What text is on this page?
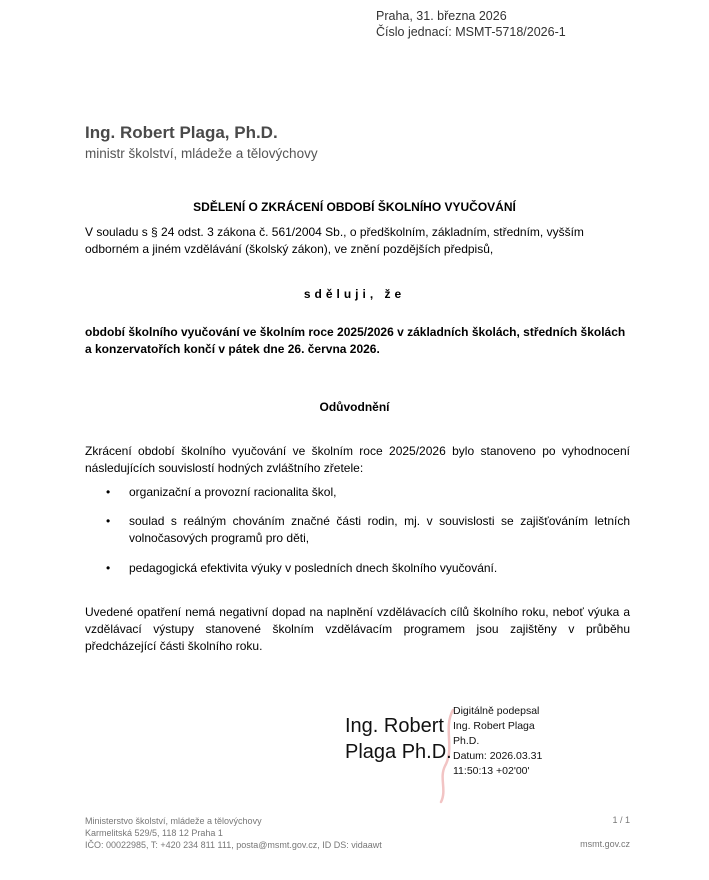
Praha, 31. března 2026
Číslo jednací: MSMT-5718/2026-1
Ing. Robert Plaga, Ph.D.
ministr školství, mládeže a tělovýchovy
SDĚLENÍ O ZKRÁCENÍ OBDOBÍ ŠKOLNÍHO VYUČOVÁNÍ
V souladu s § 24 odst. 3 zákona č. 561/2004 Sb., o předškolním, základním, středním, vyšším odborném a jiném vzdělávání (školský zákon), ve znění pozdějších předpisů,
sděluji, že
období školního vyučování ve školním roce 2025/2026 v základních školách, středních školách a konzervatořích končí v pátek dne 26. června 2026.
Odůvodnění
Zkrácení období školního vyučování ve školním roce 2025/2026 bylo stanoveno po vyhodnocení následujících souvislostí hodných zvláštního zřetele:
• organizační a provozní racionalita škol,
• soulad s reálným chováním značné části rodin, mj. v souvislosti se zajišťováním letních volnočasových programů pro děti,
• pedagogická efektivita výuky v posledních dnech školního vyučování.
Uvedené opatření nemá negativní dopad na naplnění vzdělávacích cílů školního roku, neboť výuka a vzdělávací výstupy stanovené školním vzdělávacím programem jsou zajištěny v průběhu předcházející části školního roku.
Ing. Robert
Plaga Ph.D.
Digitálně podepsal
Ing. Robert Plaga
Ph.D.
Datum: 2026.03.31
11:50:13 +02'00'
Ministerstvo školství, mládeže a tělovýchovy
Karmelitská 529/5, 118 12 Praha 1
IČO: 00022985, T: +420 234 811 111, posta@msmt.gov.cz, ID DS: vidaawt
1 / 1
msmt.gov.cz
